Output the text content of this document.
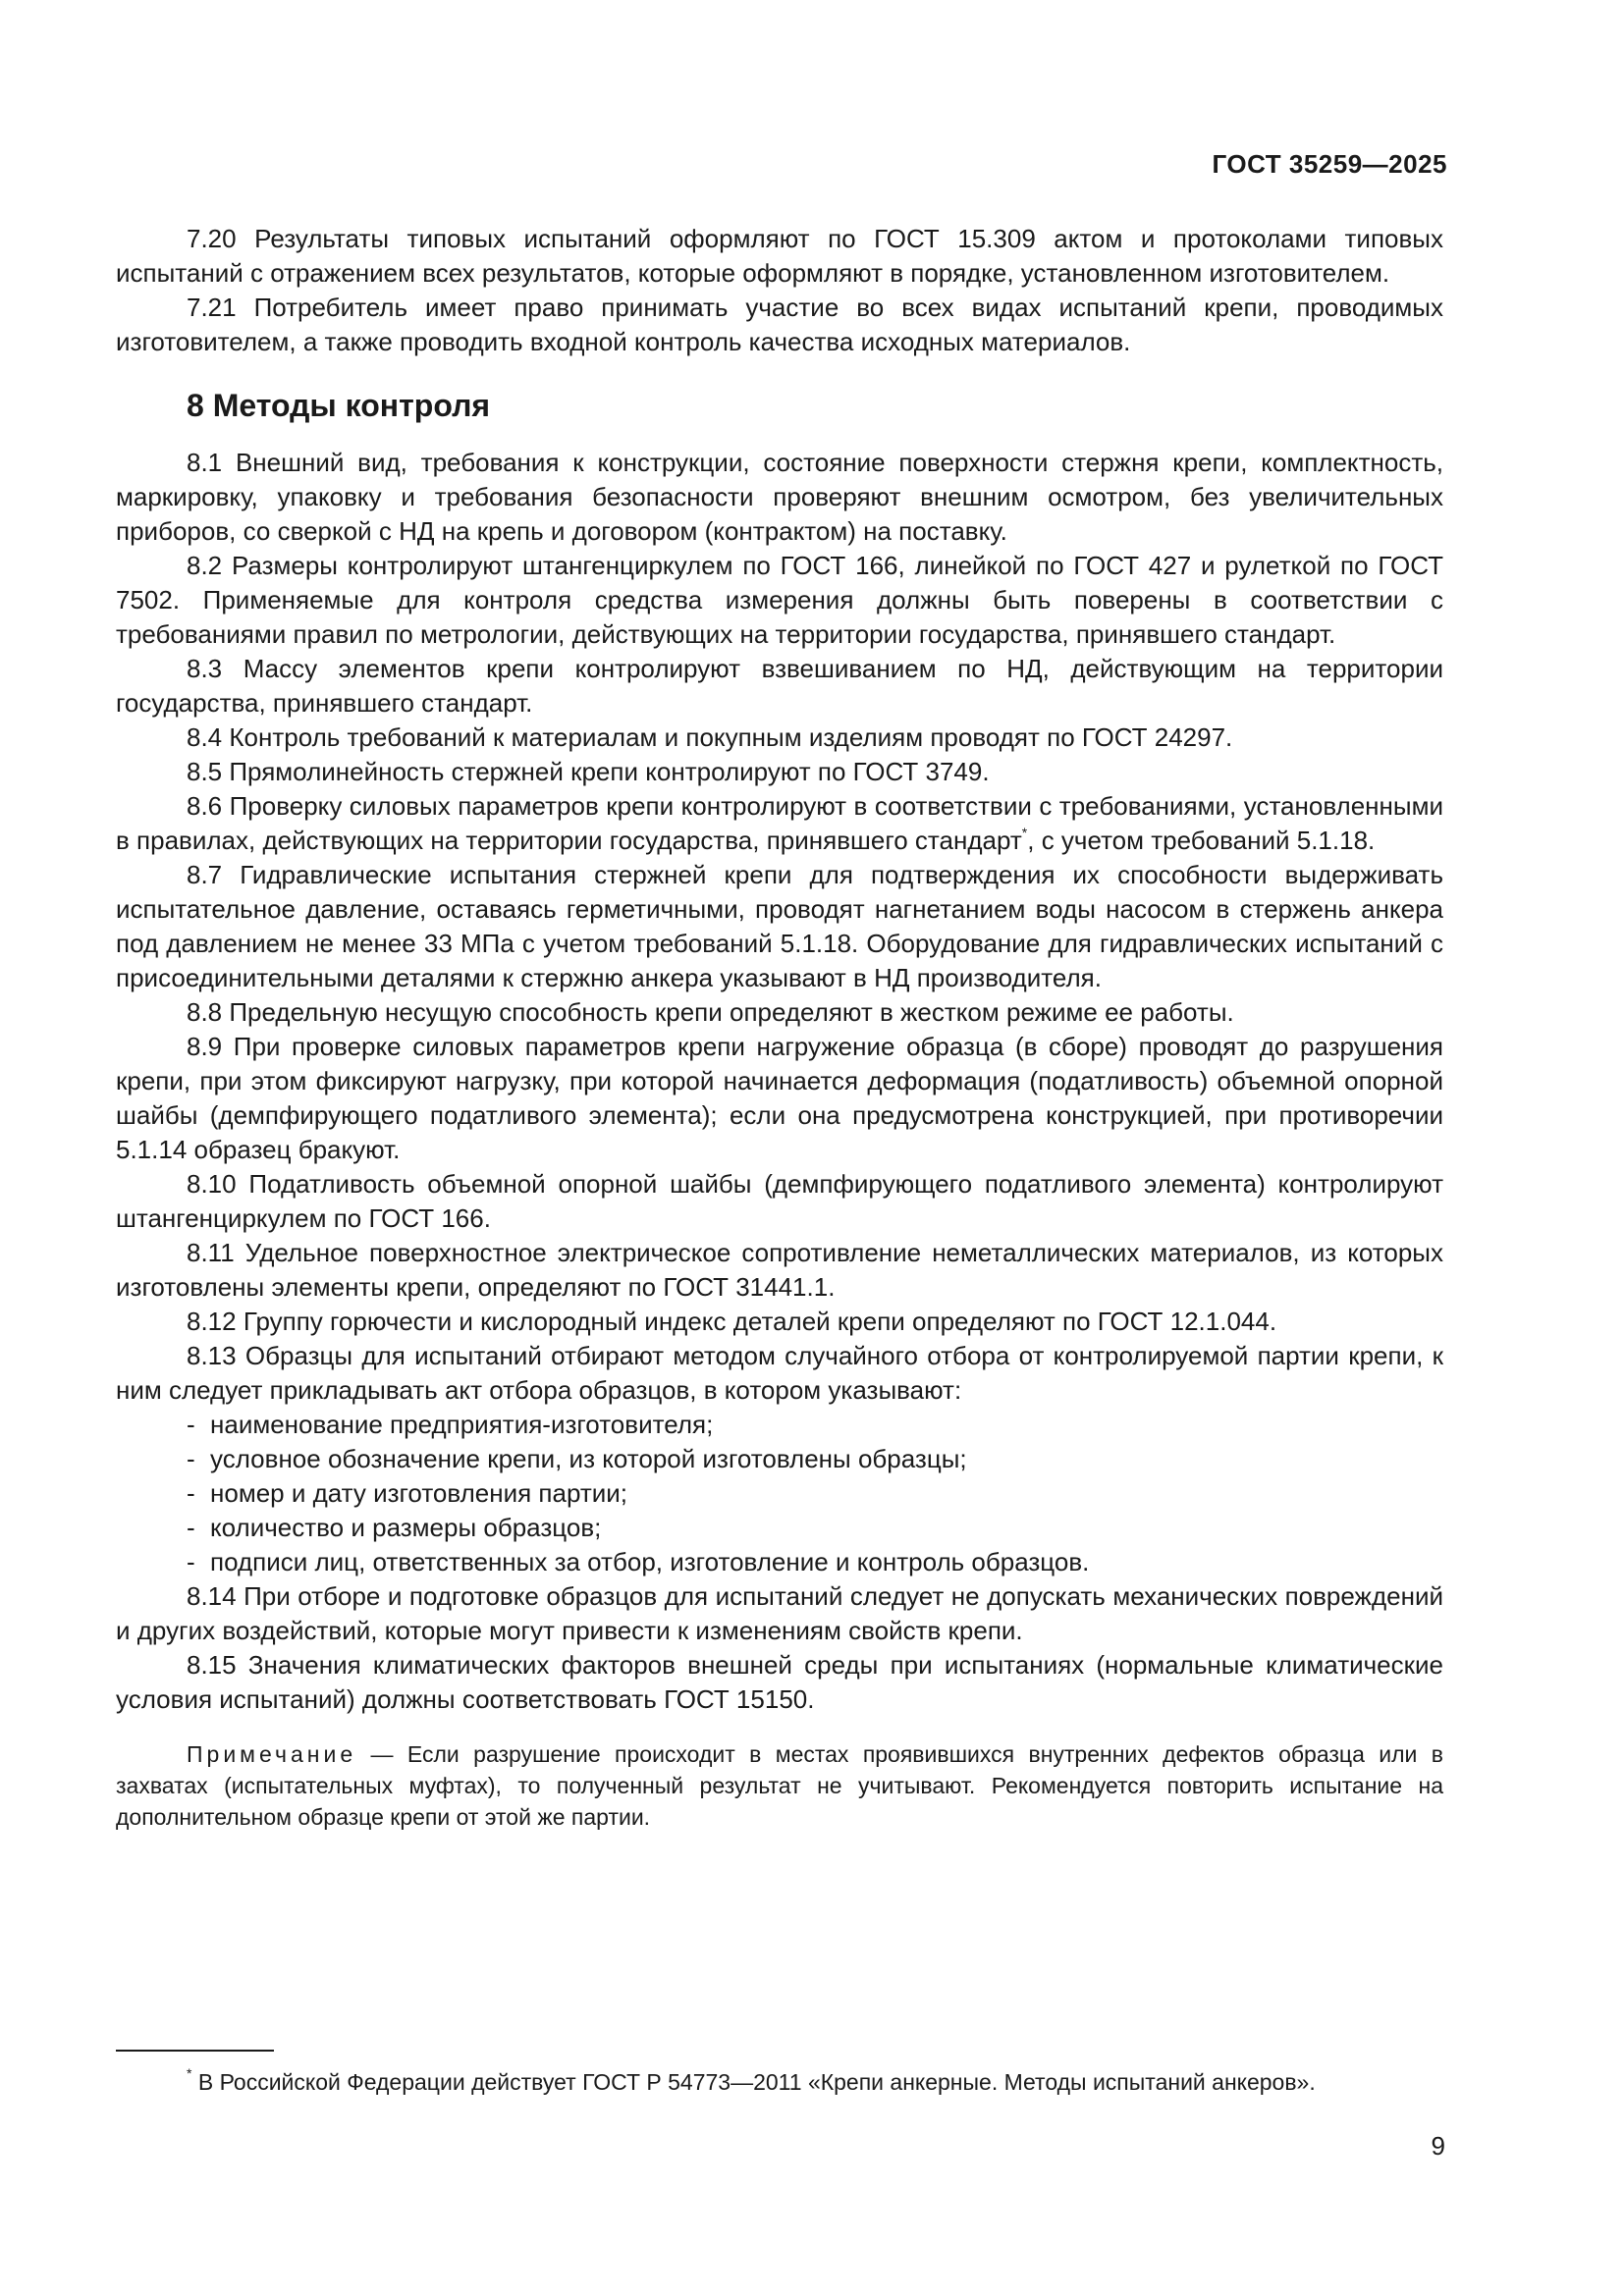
ГОСТ 35259—2025

7.20 Результаты типовых испытаний оформляют по ГОСТ 15.309 актом и протоколами типовых испытаний с отражением всех результатов, которые оформляют в порядке, установленном изготовителем.

7.21 Потребитель имеет право принимать участие во всех видах испытаний крепи, проводимых изготовителем, а также проводить входной контроль качества исходных материалов.

8 Методы контроля

8.1 Внешний вид, требования к конструкции, состояние поверхности стержня крепи, комплектность, маркировку, упаковку и требования безопасности проверяют внешним осмотром, без увеличительных приборов, со сверкой с НД на крепь и договором (контрактом) на поставку.

8.2 Размеры контролируют штангенциркулем по ГОСТ 166, линейкой по ГОСТ 427 и рулеткой по ГОСТ 7502. Применяемые для контроля средства измерения должны быть поверены в соответствии с требованиями правил по метрологии, действующих на территории государства, принявшего стандарт.

8.3 Массу элементов крепи контролируют взвешиванием по НД, действующим на территории государства, принявшего стандарт.

8.4 Контроль требований к материалам и покупным изделиям проводят по ГОСТ 24297.

8.5 Прямолинейность стержней крепи контролируют по ГОСТ 3749.

8.6 Проверку силовых параметров крепи контролируют в соответствии с требованиями, установленными в правилах, действующих на территории государства, принявшего стандарт*, с учетом требований 5.1.18.

8.7 Гидравлические испытания стержней крепи для подтверждения их способности выдерживать испытательное давление, оставаясь герметичными, проводят нагнетанием воды насосом в стержень анкера под давлением не менее 33 МПа с учетом требований 5.1.18. Оборудование для гидравлических испытаний с присоединительными деталями к стержню анкера указывают в НД производителя.

8.8 Предельную несущую способность крепи определяют в жестком режиме ее работы.

8.9 При проверке силовых параметров крепи нагружение образца (в сборе) проводят до разрушения крепи, при этом фиксируют нагрузку, при которой начинается деформация (податливость) объемной опорной шайбы (демпфирующего податливого элемента); если она предусмотрена конструкцией, при противоречии 5.1.14 образец бракуют.

8.10 Податливость объемной опорной шайбы (демпфирующего податливого элемента) контролируют штангенциркулем по ГОСТ 166.

8.11 Удельное поверхностное электрическое сопротивление неметаллических материалов, из которых изготовлены элементы крепи, определяют по ГОСТ 31441.1.

8.12 Группу горючести и кислородный индекс деталей крепи определяют по ГОСТ 12.1.044.

8.13 Образцы для испытаний отбирают методом случайного отбора от контролируемой партии крепи, к ним следует прикладывать акт отбора образцов, в котором указывают:

- наименование предприятия-изготовителя;
- условное обозначение крепи, из которой изготовлены образцы;
- номер и дату изготовления партии;
- количество и размеры образцов;
- подписи лиц, ответственных за отбор, изготовление и контроль образцов.

8.14 При отборе и подготовке образцов для испытаний следует не допускать механических повреждений и других воздействий, которые могут привести к изменениям свойств крепи.

8.15 Значения климатических факторов внешней среды при испытаниях (нормальные климатические условия испытаний) должны соответствовать ГОСТ 15150.

Примечание — Если разрушение происходит в местах проявившихся внутренних дефектов образца или в захватах (испытательных муфтах), то полученный результат не учитывают. Рекомендуется повторить испытание на дополнительном образце крепи от этой же партии.

* В Российской Федерации действует ГОСТ Р 54773—2011 «Крепи анкерные. Методы испытаний анкеров».
9
